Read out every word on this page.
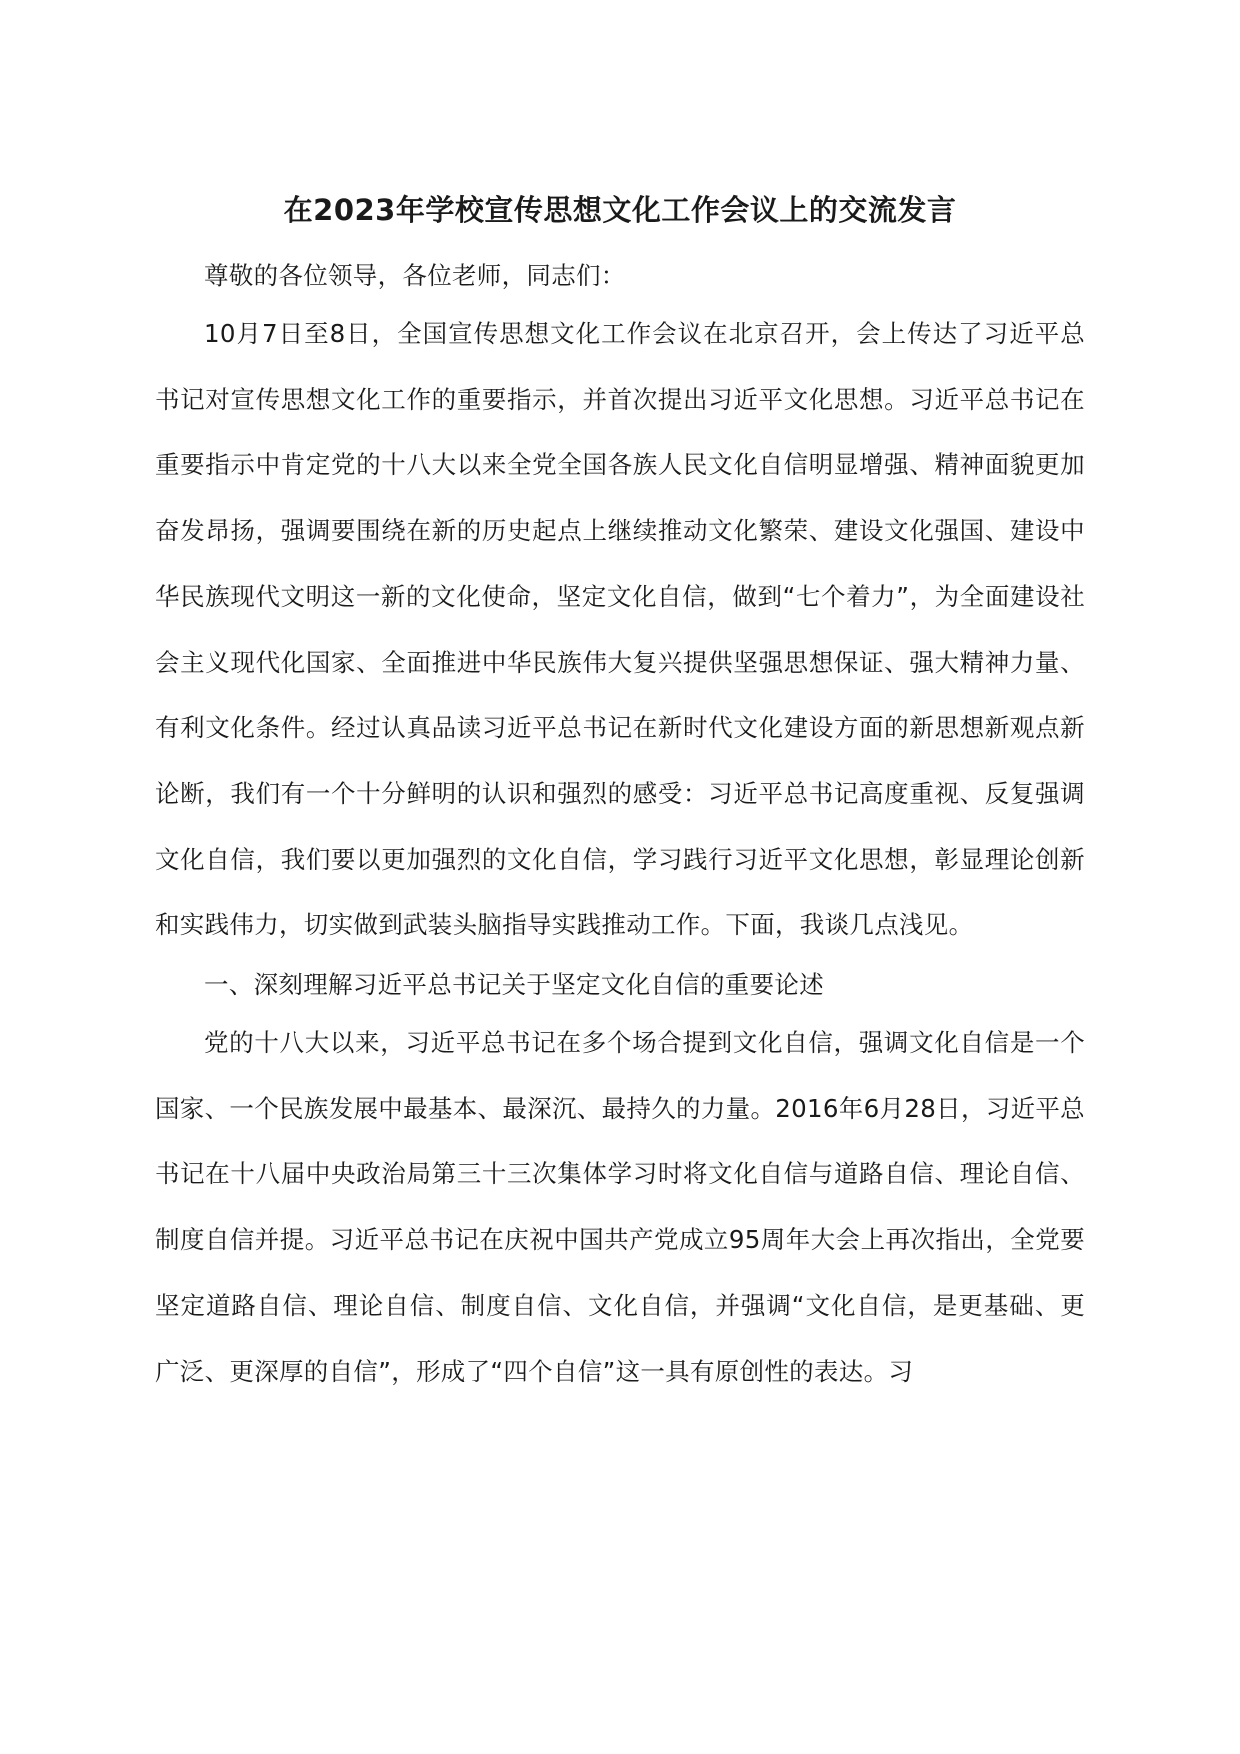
在2023年学校宣传思想文化工作会议上的交流发言

尊敬的各位领导，各位老师，同志们：

10月7日至8日，全国宣传思想文化工作会议在北京召开，会上传达了习近平总书记对宣传思想文化工作的重要指示，并首次提出习近平文化思想。习近平总书记在重要指示中肯定党的十八大以来全党全国各族人民文化自信明显增强、精神面貌更加奋发昂扬，强调要围绕在新的历史起点上继续推动文化繁荣、建设文化强国、建设中华民族现代文明这一新的文化使命，坚定文化自信，做到“七个着力”，为全面建设社会主义现代化国家、全面推进中华民族伟大复兴提供坚强思想保证、强大精神力量、有利文化条件。经过认真品读习近平总书记在新时代文化建设方面的新思想新观点新论断，我们有一个十分鲜明的认识和强烈的感受：习近平总书记高度重视、反复强调文化自信，我们要以更加强烈的文化自信，学习践行习近平文化思想，彰显理论创新和实践伟力，切实做到武装头脑指导实践推动工作。下面，我谈几点浅见。

一、深刻理解习近平总书记关于坚定文化自信的重要论述

党的十八大以来，习近平总书记在多个场合提到文化自信，强调文化自信是一个国家、一个民族发展中最基本、最深沉、最持久的力量。2016年6月28日，习近平总书记在十八届中央政治局第三十三次集体学习时将文化自信与道路自信、理论自信、制度自信并提。习近平总书记在庆祝中国共产党成立95周年大会上再次指出，全党要坚定道路自信、理论自信、制度自信、文化自信，并强调“文化自信，是更基础、更广泛、更深厚的自信”，形成了“四个自信”这一具有原创性的表达。习
